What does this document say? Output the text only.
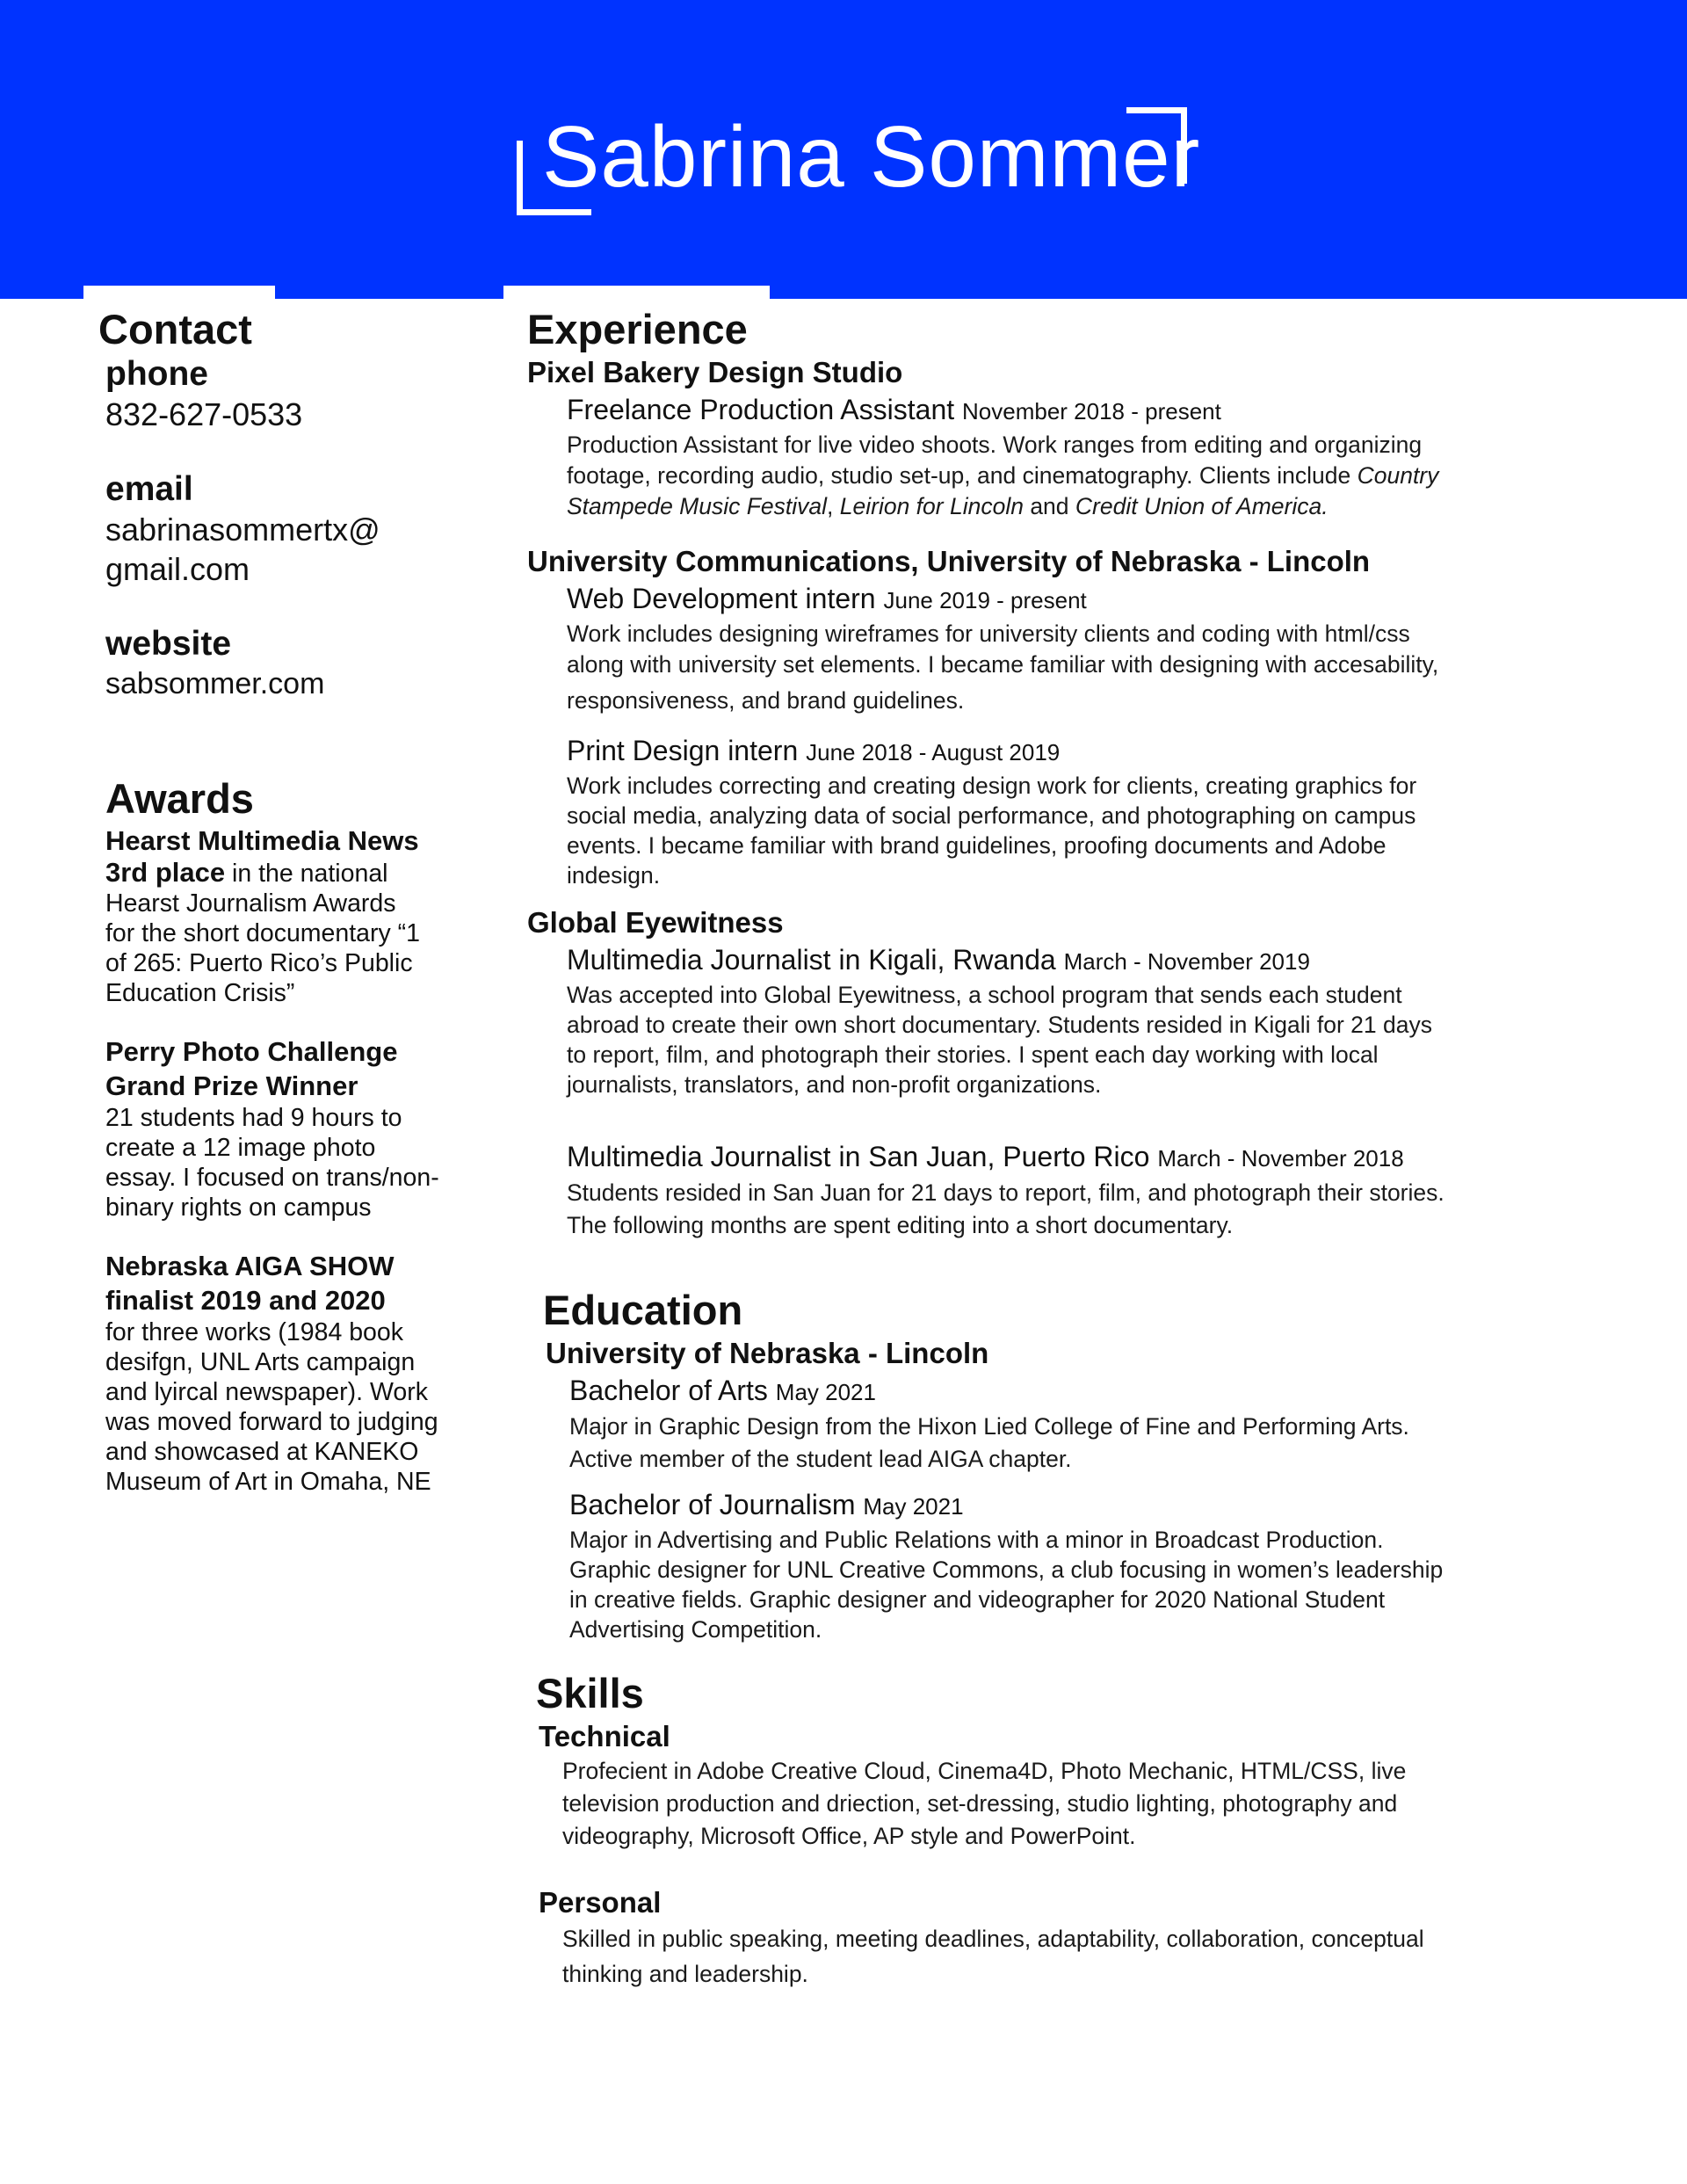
Sabrina Sommer
Contact
phone
832-627-0533
email
sabrinasommertx@
gmail.com
website
sabsommer.com
Awards
Hearst Multimedia News
3rd place in the national
Hearst Journalism Awards
for the short documentary “1
of 265: Puerto Rico’s Public
Education Crisis”
Perry Photo Challenge
Grand Prize Winner
21 students had 9 hours to
create a 12 image photo
essay. I focused on trans/non-
binary rights on campus
Nebraska AIGA SHOW
finalist 2019 and 2020
for three works (1984 book
desifgn, UNL Arts campaign
and lyircal newspaper). Work
was moved forward to judging
and showcased at KANEKO
Museum of Art in Omaha, NE
Experience
Pixel Bakery Design Studio
Freelance Production Assistant November 2018 - present
Production Assistant for live video shoots. Work ranges from editing and organizing
footage, recording audio, studio set-up, and cinematography. Clients include Country
Stampede Music Festival, Leirion for Lincoln and Credit Union of America.
University Communications, University of Nebraska - Lincoln
Web Development intern June 2019 - present
Work includes designing wireframes for university clients and coding with html/css
along with university set elements. I became familiar with designing with accesability,
responsiveness, and brand guidelines.
Print Design intern June 2018 - August 2019
Work includes correcting and creating design work for clients, creating graphics for
social media, analyzing data of social performance, and photographing on campus
events. I became familiar with brand guidelines, proofing documents and Adobe
indesign.
Global Eyewitness
Multimedia Journalist in Kigali, Rwanda March - November 2019
Was accepted into Global Eyewitness, a school program that sends each student
abroad to create their own short documentary. Students resided in Kigali for 21 days
to report, film, and photograph their stories. I spent each day working with local
journalists, translators, and non-profit organizations.
Multimedia Journalist in San Juan, Puerto Rico March - November 2018
Students resided in San Juan for 21 days to report, film, and photograph their stories.
The following months are spent editing into a short documentary.
Education
University of Nebraska - Lincoln
Bachelor of Arts May 2021
Major in Graphic Design from the Hixon Lied College of Fine and Performing Arts.
Active member of the student lead AIGA chapter.
Bachelor of Journalism May 2021
Major in Advertising and Public Relations with a minor in Broadcast Production.
Graphic designer for UNL Creative Commons, a club focusing in women’s leadership
in creative fields. Graphic designer and videographer for 2020 National Student
Advertising Competition.
Skills
Technical
Profecient in Adobe Creative Cloud, Cinema4D, Photo Mechanic, HTML/CSS, live
television production and driection, set-dressing, studio lighting, photography and
videography, Microsoft Office, AP style and PowerPoint.
Personal
Skilled in public speaking, meeting deadlines, adaptability, collaboration, conceptual
thinking and leadership.
